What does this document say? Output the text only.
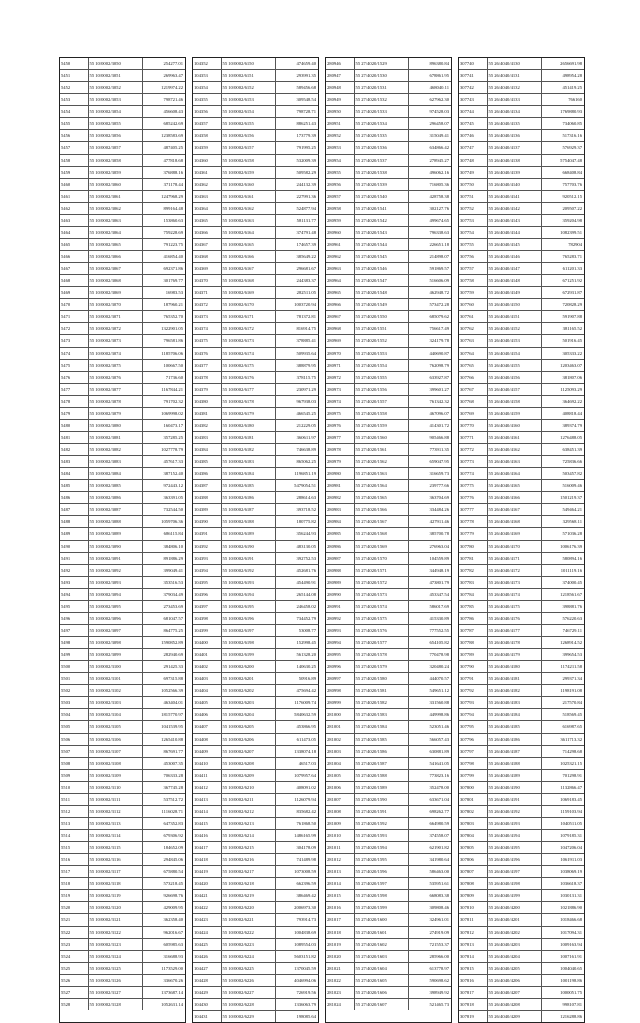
5450	55 10/0002/3050	254277.01
5451	55 10/0002/3051	269963.47
5452	55 10/0002/3052	1219974.22
5453	55 10/0002/3053	798721.46
5454	55 10/0002/3054	456608.43
5455	55 10/0002/3055	685242.69
5456	55 10/0002/3056	1238583.69
5457	55 10/0002/3057	487405.25
5458	55 10/0002/3058	477818.68
5459	55 10/0002/3059	376888.16
5460	55 10/0002/3060	371178.44
5461	55 10/0002/3061	1247968.29
5462	55 10/0002/3062	899164.48
5463	55 10/0002/3063	153860.63
5464	55 10/0002/3064	759228.69
5465	55 10/0002/3065	791223.75
5466	55 10/0002/3066	416854.40
5467	55 10/0002/3067	692371.86
5468	55 10/0002/3068	301769.77
5469	55 10/0002/3069	16983.53
5470	55 10/0002/3070	187960.21
5471	55 10/0002/3071	765352.70
5472	55 10/0002/3072	1322901.05
5473	55 10/0002/3073	796581.86
5474	55 10/0002/3074	1185706.06
5475	55 10/0002/3075	100667.50
5476	55 10/0002/3076	71736.60
5477	55 10/0002/3077	1167844.21
5478	55 10/0002/3078	791702.32
5479	55 10/0002/3079	1069998.02
5480	55 10/0002/3080	160473.17
5481	55 10/0002/3081	357285.25
5482	55 10/0002/3082	1027778.79
5483	55 10/0002/3083	457617.33
5484	55 10/0002/3084	387152.40
5485	55 10/0002/3085	972443.12
5486	55 10/0002/3086	363391.05
5487	55 10/0002/3087	732544.50
5488	55 10/0002/3088	1059706.36
5489	55 10/0002/3089	686115.84
5490	55 10/0002/3090	384806.10
5491	55 10/0002/3091	891886.29
5492	55 10/0002/3092	399049.41
5493	55 10/0002/3093	353516.53
5494	55 10/0002/3094	379034.49
5495	55 10/0002/3095	273453.69
5496	55 10/0002/3096	681047.57
5497	55 10/0002/3097	864775.25
5498	55 10/0002/3098	1590852.89
5499	55 10/0002/3099	282940.69
5500	55 10/0002/3100	291425.33
5501	55 10/0002/3101	697315.88
5502	55 10/0002/3102	1052566.39
5503	55 10/0002/3103	463404.01
5504	55 10/0002/3104	1815770.97
5505	55 10/0002/3105	1041539.95
5506	55 10/0002/3106	1265410.88
5507	55 10/0002/3107	867691.77
5508	55 10/0002/3108	453007.35
5509	55 10/0002/3109	706333.28
5510	55 10/0002/3110	367745.28
5511	55 10/0002/3111	537512.72
5512	55 10/0002/3112	1116028.71
5513	55 10/0002/3113	647352.83
5514	55 10/0002/3114	679306.92
5515	55 10/0002/3115	184652.09
5516	55 10/0002/3116	294845.06
5517	55 10/0002/3117	675880.54
5518	55 10/0002/3118	573218.45
5519	55 10/0002/3119	926698.76
5520	55 10/0002/3120	429009.95
5521	55 10/0002/3121	362358.40
5522	55 10/0002/3122	962016.67
5523	55 10/0002/3123	605985.63
5524	55 10/0002/3124	316688.93
5525	55 10/0002/3125	1173529.00
5526	55 10/0002/3126	336670.26
5527	55 10/0002/3127	1373687.14
5528	55 10/0002/3128	1052631.14
104352	55 10/0002/6150	474659.40
104353	55 10/0002/6151	293991.35
104354	55 10/0002/6152	589456.68
104355	55 10/0002/6153	309548.54
104356	55 10/0002/6154	798728.71
104357	55 10/0002/6155	886251.43
104358	55 10/0002/6156	173779.39
104359	55 10/0002/6157	791995.25
104360	55 10/0002/6158	532009.39
104361	55 10/0002/6159	509582.29
104362	55 10/0002/6160	244132.39
104363	55 10/0002/6161	227991.36
104364	55 10/0002/6162	524877.94
104365	55 10/0002/6163	581131.77
104366	55 10/0002/6164	374791.48
104367	55 10/0002/6165	174657.39
104368	55 10/0002/6166	385649.22
104369	55 10/0002/6167	296681.67
104370	55 10/0002/6168	244383.37
104371	55 10/0002/6169	282511.05
104372	55 10/0002/6170	1003720.94
104373	55 10/0002/6171	781372.81
104374	55 10/0002/6172	816914.75
104375	55 10/0002/6173	378885.41
104376	55 10/0002/6174	509935.64
104377	55 10/0002/6175	388879.95
104378	55 10/0002/6176	378115.75
104379	55 10/0002/6177	230971.29
104380	55 10/0002/6178	967938.03
104381	55 10/0002/6179	466545.25
104382	55 10/0002/6180	212229.05
104383	55 10/0002/6181	360611.97
104384	55 10/0002/6182	746638.89
104385	55 10/0002/6183	865062.25
104386	55 10/0002/6184	1196851.19
104387	55 10/0002/6185	5479054.51
104388	55 10/0002/6186	288614.63
104389	55 10/0002/6187	393718.52
104390	55 10/0002/6188	180775.82
104391	55 10/0002/6189	356244.93
104392	55 10/0002/6190	483130.05
104393	55 10/0002/6191	392752.53
104394	55 10/0002/6192	452681.76
104395	55 10/0002/6193	454490.91
104396	55 10/0002/6194	265144.08
104397	55 10/0002/6195	246458.02
104398	55 10/0002/6196	734452.79
104399	55 10/0002/6197	53008.77
104400	55 10/0002/6198	152998.45
104401	55 10/0002/6199	561328.20
104402	55 10/0002/6200	140630.25
104403	55 10/0002/6201	50916.89
104404	55 10/0002/6202	475694.42
104405	55 10/0002/6203	1176009.74
104406	55 10/0002/6204	5840632.59
104407	55 10/0002/6205	453866.95
104408	55 10/0002/6206	611473.05
104409	55 10/0002/6207	1338074.18
104410	55 10/0002/6208	46517.03
104411	55 10/0002/6209	1079957.64
104412	55 10/0002/6210	408091.02
104413	55 10/0002/6211	1126079.94
104414	55 10/0002/6212	835682.42
104415	55 10/0002/6213	761868.50
104416	55 10/0002/6214	1486165.99
104417	55 10/0002/6215	304178.09
104418	55 10/0002/6216	741489.98
104419	55 10/0002/6217	1073008.59
104420	55 10/0002/6218	662396.59
104421	55 10/0002/6219	386469.42
104422	55 10/0002/6220	2006973.30
104423	55 10/0002/6221	793914.73
104424	55 10/0002/6222	1004838.69
104425	55 10/0002/6223	1089554.03
104426	55 10/0002/6224	5603151.82
104427	55 10/0002/6225	1370045.59
104428	55 10/0002/6226	4046994.06
104429	55 10/0002/6227	726919.56
104430	55 10/0002/6228	1336063.79
104431	55 10/0002/6229	198085.64
280946	55 27/4020/1529	896380.84
280947	55 27/4020/1530	678861.95
280948	55 27/4020/1531	468040.11
280949	55 27/4020/1532	627962.30
280950	55 27/4020/1533	974528.03
280951	55 27/4020/1534	296458.07
280952	55 27/4020/1535	315049.41
280953	55 27/4020/1536	634866.42
280954	55 27/4020/1537	278945.27
280955	55 27/4020/1538	496062.16
280956	55 27/4020/1539	716805.36
280957	55 27/4020/1540	428758.38
280958	55 27/4020/1541	302127.76
280959	55 27/4020/1542	499674.65
280960	55 27/4020/1543	796338.63
280961	55 27/4020/1544	226651.18
280962	55 27/4020/1545	214898.07
280963	55 27/4020/1546	591869.57
280964	55 27/4020/1547	516606.09
280965	55 27/4020/1548	462948.72
280966	55 27/4020/1549	573472.28
280967	55 27/4020/1550	685079.62
280968	55 27/4020/1551	756617.49
280969	55 27/4020/1552	324179.78
280970	55 27/4020/1553	440690.87
280971	55 27/4020/1554	762098.79
280972	55 27/4020/1555	633927.87
280973	55 27/4020/1556	399601.27
280974	55 27/4020/1557	761342.32
280975	55 27/4020/1558	467096.07
280976	55 27/4020/1559	414301.72
280977	55 27/4020/1560	905466.88
280978	55 27/4020/1561	773911.35
280979	55 27/4020/1562	659047.95
280980	55 27/4020/1563	316659.73
280981	55 27/4020/1564	239777.66
280982	55 27/4020/1565	363704.69
280983	55 27/4020/1566	334484.26
280984	55 27/4020/1567	427911.46
280985	55 27/4020/1568	385700.78
280986	55 27/4020/1569	276963.04
280987	55 27/4020/1570	104559.89
280988	55 27/4020/1571	344948.19
280989	55 27/4020/1572	473801.79
280990	55 27/4020/1573	453347.54
280991	55 27/4020/1574	586017.69
280992	55 27/4020/1575	415330.89
280993	55 27/4020/1576	777552.55
280994	55 27/4020/1577	654105.82
280995	55 27/4020/1578	770478.98
280996	55 27/4020/1579	320480.24
280997	55 27/4020/1580	444070.57
280998	55 27/4020/1581	549651.12
280999	55 27/4020/1582	331560.88
281000	55 27/4020/1583	449998.86
281001	55 27/4020/1584	523051.46
281002	55 27/4020/1585	566057.43
281003	55 27/4020/1586	630881.89
281004	55 27/4020/1587	541641.05
281005	55 27/4020/1588	773823.16
281006	55 27/4020/1589	352478.00
281007	55 27/4020/1590	633671.04
281008	55 27/4020/1591	698262.77
281009	55 27/4020/1592	664980.59
281010	55 27/4020/1593	374558.07
281011	55 27/4020/1594	621901.82
281012	55 27/4020/1595	341980.64
281013	55 27/4020/1596	586463.00
281014	55 27/4020/1597	535951.61
281015	55 27/4020/1598	668083.38
281016	55 27/4020/1599	309808.46
281017	55 27/4020/1600	324961.01
281018	55 27/4020/1601	274919.09
281019	55 27/4020/1602	721553.37
281020	55 27/4020/1603	285966.00
281021	55 27/4020/1604	613778.97
281022	55 27/4020/1605	590698.62
281023	55 27/4020/1606	398949.92
281024	55 27/4020/1607	521465.73
307740	55 26/4040/4130	2656691.98
307741	55 26/4040/4131	498954.28
307742	55 26/4040/4132	451419.25
307743	55 26/4040/4133	766160
307744	55 26/4040/4134	1769880.93
307745	55 26/4040/4135	734060.85
307746	55 26/4040/4136	517316.16
307747	55 26/4040/4137	576929.37
307748	55 26/4040/4138	5754047.48
307749	55 26/4040/4139	668408.84
307750	55 26/4040/4140	757703.76
307751	55 26/4040/4141	920512.15
307752	55 26/4040/4142	209507.22
307753	55 26/4040/4143	359204.98
307754	55 26/4040/4144	1082399.51
307755	55 26/4040/4145	782904
307756	55 26/4040/4146	765283.71
307757	55 26/4040/4147	611201.33
307758	55 26/4040/4148	671251.92
307759	55 26/4040/4149	672931.87
307760	55 26/4040/4150	720828.29
307761	55 26/4040/4151	591907.88
307762	55 26/4040/4152	381165.52
307763	55 26/4040/4153	501916.45
307764	55 26/4040/4154	305333.22
307765	55 26/4040/4155	1203463.07
307766	55 26/4040/4156	381807.06
307767	55 26/4040/4157	1125093.29
307768	55 26/4040/4158	364692.22
307769	55 26/4040/4159	408818.44
307770	55 26/4040/4160	389374.79
307771	55 26/4040/4161	1276488.05
307772	55 26/4040/4162	638451.39
307773	55 26/4040/4163	725836.66
307774	55 26/4040/4164	503457.82
307775	55 26/4040/4165	516009.46
307776	55 26/4040/4166	1501219.37
307777	55 26/4040/4167	549464.21
307778	55 26/4040/4168	329568.11
307779	55 26/4040/4169	571036.28
307780	55 26/4040/4170	1006176.39
307781	55 26/4040/4171	580894.16
307782	55 26/4040/4172	1011119.16
307783	55 26/4040/4173	374000.45
307784	55 26/4040/4174	1218561.67
307785	55 26/4040/4175	398881.76
307786	55 26/4040/4176	576220.63
307787	55 26/4040/4177	746729.11
307788	55 26/4040/4178	1268914.52
307789	55 26/4040/4179	399654.53
307790	55 26/4040/4180	1174211.58
307791	55 26/4040/4181	299371.34
307792	55 26/4040/4182	1198191.08
307793	55 26/4040/4183	217570.84
307794	55 26/4040/4184	518569.45
307795	55 26/4040/4185	616987.65
307796	55 26/4040/4186	3611713.32
307797	55 26/4040/4187	714298.68
307798	55 26/4040/4188	1025321.15
307799	55 26/4040/4189	701298.91
307800	55 26/4040/4190	1132866.47
307801	55 26/4040/4191	1069183.45
307802	55 26/4040/4192	1159103.94
307803	55 26/4040/4193	1040511.05
307804	55 26/4040/4194	1079185.31
307805	55 26/4040/4195	1047206.04
307806	55 26/4040/4196	1061911.03
307807	55 26/4040/4197	1038069.19
307808	55 26/4040/4198	1036618.37
307809	55 26/4040/4199	1030131.31
307810	55 26/4040/4200	1021886.90
307811	55 26/4040/4201	1018466.68
307812	55 26/4040/4202	1017094.31
307813	55 26/4040/4203	1009163.94
307814	55 26/4040/4204	1007161.91
307815	55 26/4040/4205	1004040.65
307816	55 26/4040/4206	1001198.86
307817	55 26/4040/4207	1000051.75
307818	55 26/4040/4208	998107.81
307819	55 26/4040/4209	1216288.86
